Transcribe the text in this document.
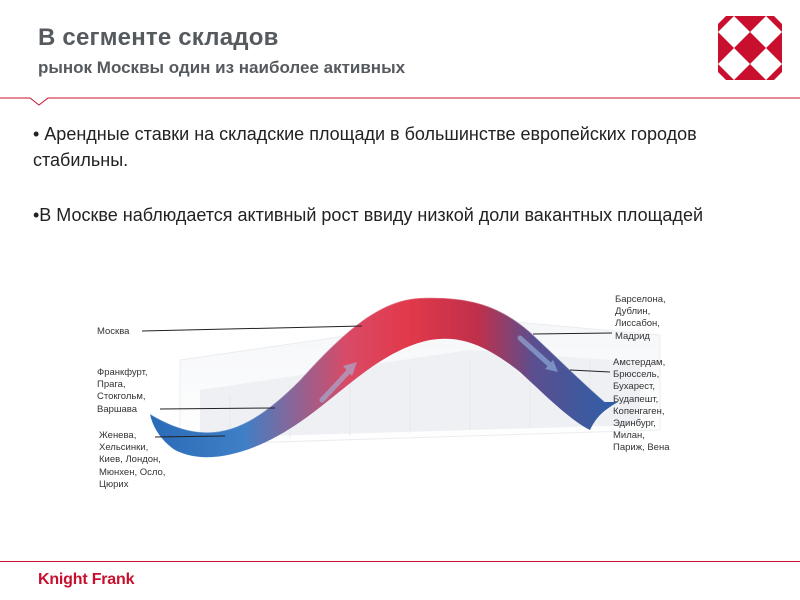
В сегменте складов
рынок Москвы один из наиболее активных
• Арендные ставки на складские площади в большинстве европейских городов стабильны.
•В Москве наблюдается активный рост ввиду низкой доли вакантных площадей
Москва
Франкфурт,
Прага,
Стокгольм,
Варшава
Женева,
Хельсинки,
Киев, Лондон,
Мюнхен, Осло,
Цюрих
Барселона,
Дублин,
Лиссабон,
Мадрид
Амстердам,
Брюссель,
Бухарест,
Будапешт,
Копенгаген,
Эдинбург,
Милан,
Париж, Вена
Knight Frank
